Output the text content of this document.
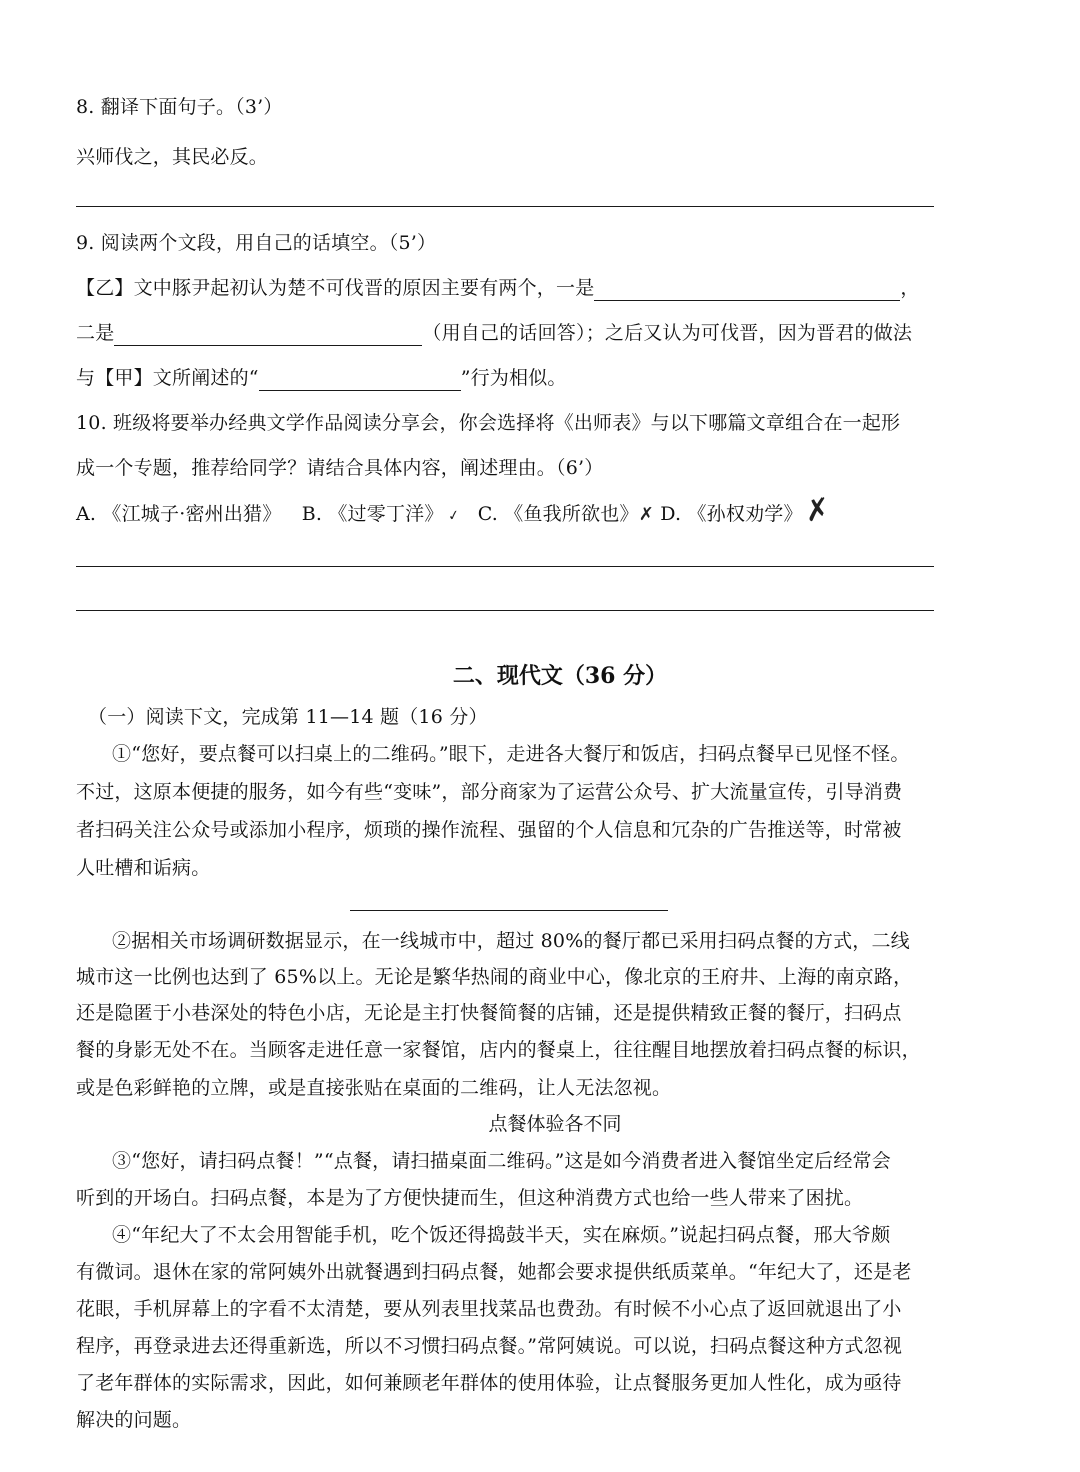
8. 翻译下面句子。（3’）
兴师伐之，其民必反。
9. 阅读两个文段，用自己的话填空。（5’）
【乙】文中豚尹起初认为楚不可伐晋的原因主要有两个，一是	，
二是	（用自己的话回答）；之后又认为可伐晋，因为晋君的做法
与【甲】文所阐述的“	”行为相似。
10. 班级将要举办经典文学作品阅读分享会，你会选择将《出师表》与以下哪篇文章组合在一起形
成一个专题，推荐给同学？请结合具体内容，阐述理由。（6’）
A. 《江城子·密州出猎》 B. 《过零丁洋》 ✓ C. 《鱼我所欲也》✗ D. 《孙权劝学》✗
二、现代文（36 分）
（一）阅读下文，完成第 11—14 题（16 分）
①“您好，要点餐可以扫桌上的二维码。”眼下，走进各大餐厅和饭店，扫码点餐早已见怪不怪。
不过，这原本便捷的服务，如今有些“变味”，部分商家为了运营公众号、扩大流量宣传，引导消费
者扫码关注公众号或添加小程序，烦琐的操作流程、强留的个人信息和冗杂的广告推送等，时常被
人吐槽和诟病。
②据相关市场调研数据显示，在一线城市中，超过 80%的餐厅都已采用扫码点餐的方式，二线
城市这一比例也达到了 65%以上。无论是繁华热闹的商业中心，像北京的王府井、上海的南京路，
还是隐匿于小巷深处的特色小店，无论是主打快餐简餐的店铺，还是提供精致正餐的餐厅，扫码点
餐的身影无处不在。当顾客走进任意一家餐馆，店内的餐桌上，往往醒目地摆放着扫码点餐的标识，
或是色彩鲜艳的立牌，或是直接张贴在桌面的二维码，让人无法忽视。
点餐体验各不同
③“您好，请扫码点餐！”“点餐，请扫描桌面二维码。”这是如今消费者进入餐馆坐定后经常会
听到的开场白。扫码点餐，本是为了方便快捷而生，但这种消费方式也给一些人带来了困扰。
④“年纪大了不太会用智能手机，吃个饭还得捣鼓半天，实在麻烦。”说起扫码点餐，邢大爷颇
有微词。退休在家的常阿姨外出就餐遇到扫码点餐，她都会要求提供纸质菜单。“年纪大了，还是老
花眼，手机屏幕上的字看不太清楚，要从列表里找菜品也费劲。有时候不小心点了返回就退出了小
程序，再登录进去还得重新选，所以不习惯扫码点餐。”常阿姨说。可以说，扫码点餐这种方式忽视
了老年群体的实际需求，因此，如何兼顾老年群体的使用体验，让点餐服务更加人性化，成为亟待
解决的问题。
